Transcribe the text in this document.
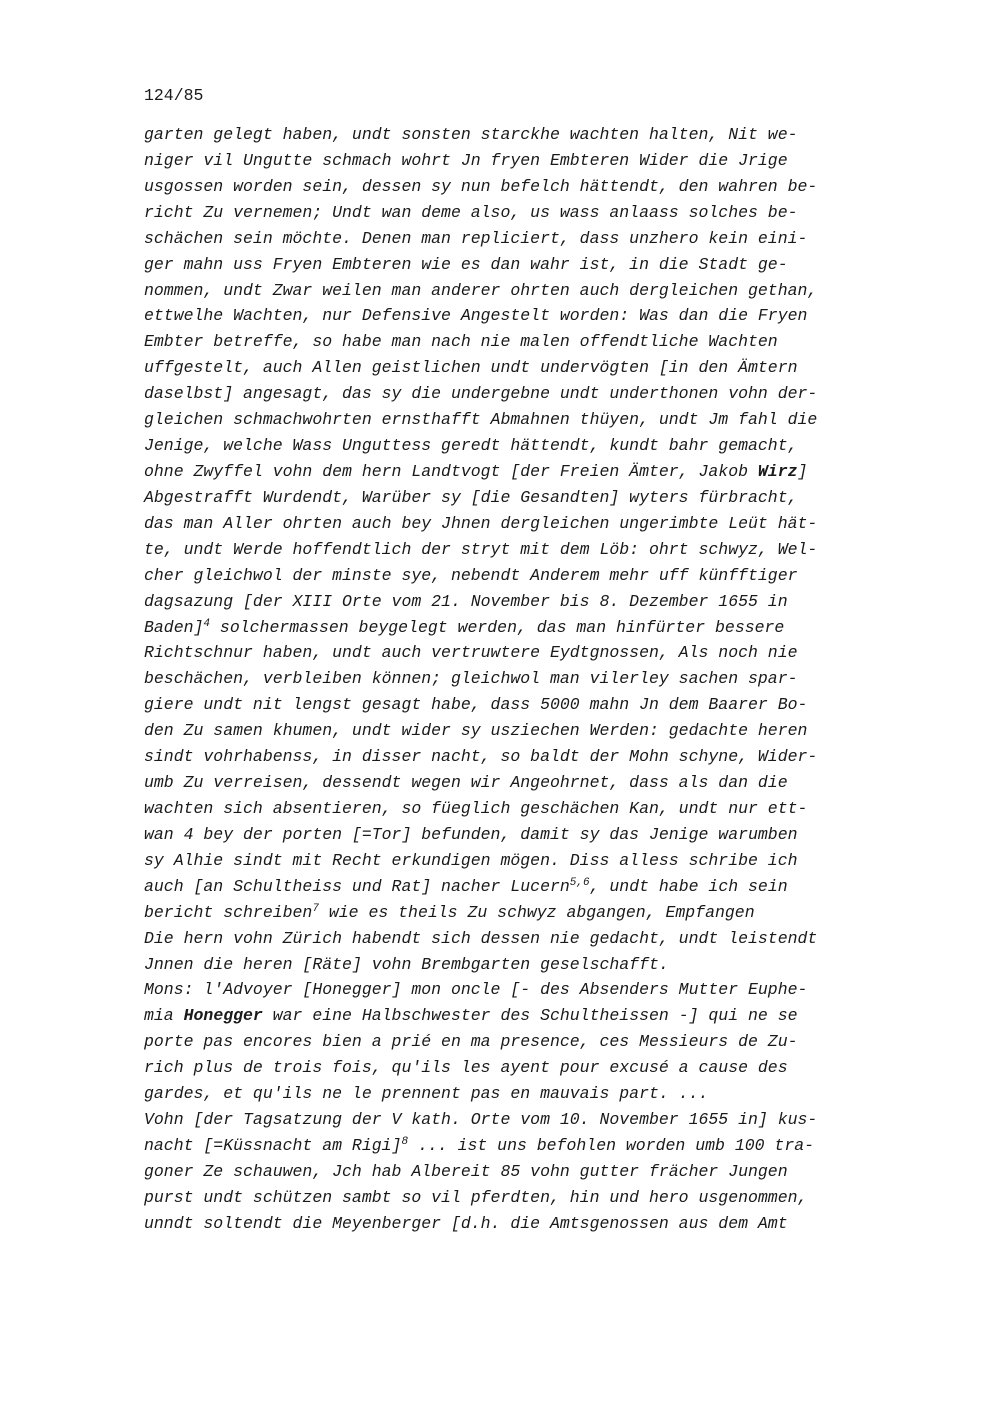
124/85
garten gelegt haben, undt sonsten starckhe wachten halten, Nit we-
niger vil Ungutte schmach wohrt Jn fryen Embteren Wider die Jrige
usgossen worden sein, dessen sy nun befelch hättendt, den wahren be-
richt Zu vernemen; Undt wan deme also, us wass anlaass solches be-
schächen sein möchte. Denen man repliciert, dass unzhero kein eini-
ger mahn uss Fryen Embteren wie es dan wahr ist, in die Stadt ge-
nommen, undt Zwar weilen man anderer ohrten auch dergleichen gethan,
ettwelhe Wachten, nur Defensive Angestelt worden: Was dan die Fryen
Embter betreffe, so habe man nach nie malen offendtliche Wachten
uffgestelt, auch Allen geistlichen undt undervögten [in den Ämtern
daselbst] angesagt, das sy die undergebne undt underthonen vohn der-
gleichen schmachwohrten ernsthafft Abmahnen thüyen, undt Jm fahl die
Jenige, welche Wass Unguttess geredt hättendt, kundt bahr gemacht,
ohne Zwyffel vohn dem hern Landtvogt [der Freien Ämter, Jakob Wirz]
Abgestrafft Wurdendt, Warüber sy [die Gesandten] wyters fürbracht,
das man Aller ohrten auch bey Jhnen dergleichen ungerimbte Leüt hät-
te, undt Werde hoffendtlich der stryt mit dem Löb: ohrt schwyz, Wel-
cher gleichwol der minste sye, nebendt Anderem mehr uff künfftiger
dagsazung [der XIII Orte vom 21. November bis 8. Dezember 1655 in
Baden]$^4$ solchermassen beygelegt werden, das man hinfürter bessere
Richtschnur haben, undt auch vertruwtere Eydtgnossen, Als noch nie
beschächen, verbleiben können; gleichwol man vilerley sachen spar-
giere undt nit lengst gesagt habe, dass 5000 mahn Jn dem Baarer Bo-
den Zu samen khumen, undt wider sy usziechen Werden: gedachte heren
sindt vohrhabenss, in disser nacht, so baldt der Mohn schyne, Wider-
umb Zu verreisen, dessendt wegen wir Angeohrnet, dass als dan die
wachten sich absentieren, so füeglich geschächen Kan, undt nur ett-
wan 4 bey der porten [=Tor] befunden, damit sy das Jenige warumben
sy Alhie sindt mit Recht erkundigen mögen. Diss alless schribe ich
auch [an Schultheiss und Rat] nacher Lucern$^{5,6}$, undt habe ich sein
bericht schreiben$^7$ wie es theils Zu schwyz abgangen, Empfangen
Die hern vohn Zürich habendt sich dessen nie gedacht, undt leistendt
Jnnen die heren [Räte] vohn Brembgarten geselschafft.
Mons: l'Advoyer [Honegger] mon oncle [- des Absenders Mutter Euphe-
mia Honegger war eine Halbschwester des Schultheissen -] qui ne se
porte pas encores bien a prié en ma presence, ces Messieurs de Zu-
rich plus de trois fois, qu'ils les ayent pour excusé a cause des
gardes, et qu'ils ne le prennent pas en mauvais part. ...
Vohn [der Tagsatzung der V kath. Orte vom 10. November 1655 in] kus-
nacht [=Küssnacht am Rigi]$^8$ ... ist uns befohlen worden umb 100 tra-
goner Ze schauwen, Jch hab Albereit 85 vohn gutter frächer Jungen
purst undt schützen sambt so vil pferdten, hin und hero usgenommen,
unndt soltendt die Meyenberger [d.h. die Amtsgenossen aus dem Amt
